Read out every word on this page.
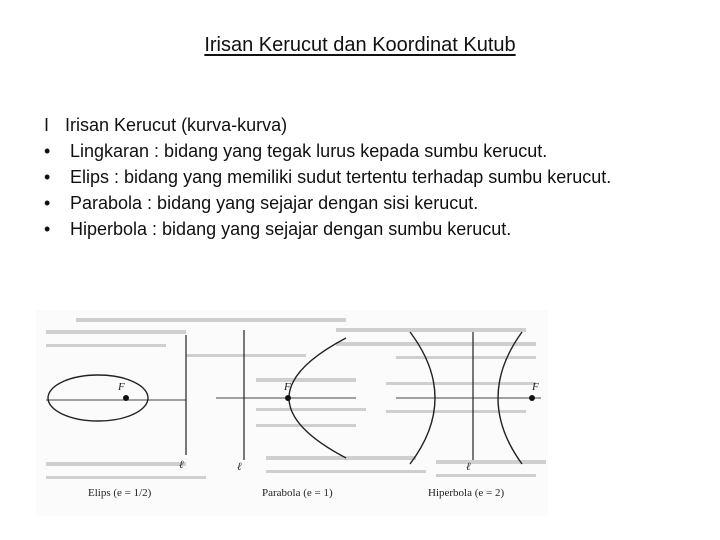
Irisan Kerucut dan Koordinat Kutub
I Irisan Kerucut (kurva-kurva)
• Lingkaran : bidang yang tegak lurus kepada sumbu kerucut.
• Elips : bidang yang memiliki sudut tertentu terhadap sumbu kerucut.
• Parabola : bidang yang sejajar dengan sisi kerucut.
• Hiperbola : bidang yang sejajar dengan sumbu kerucut.
F
ℓ
Elips (e = 1/2)
F
ℓ
Parabola (e = 1)
F
ℓ
Hiperbola (e = 2)
